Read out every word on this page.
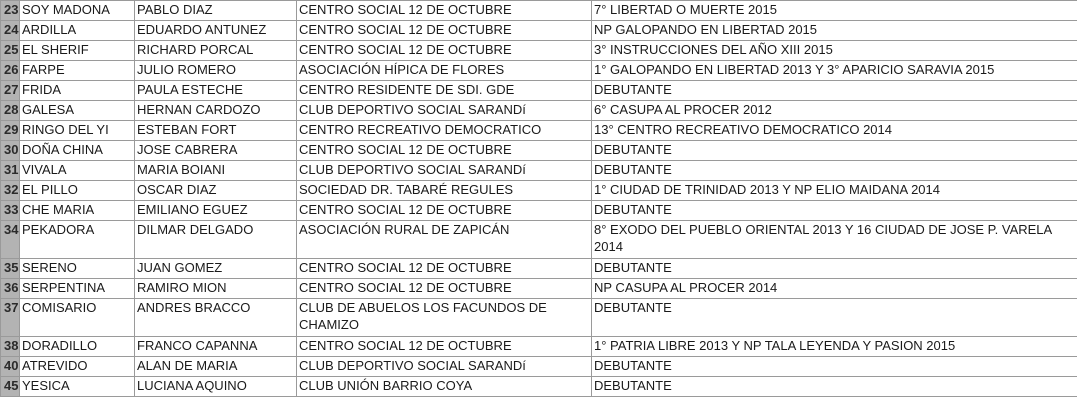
23	SOY MADONA	PABLO DIAZ	CENTRO SOCIAL 12 DE OCTUBRE	7° LIBERTAD O MUERTE 2015
24	ARDILLA	EDUARDO ANTUNEZ	CENTRO SOCIAL 12 DE OCTUBRE	NP GALOPANDO EN LIBERTAD 2015
25	EL SHERIF	RICHARD PORCAL	CENTRO SOCIAL 12 DE OCTUBRE	3° INSTRUCCIONES DEL AÑO XIII 2015
26	FARPE	JULIO ROMERO	ASOCIACIÓN HÍPICA DE FLORES	1° GALOPANDO EN LIBERTAD 2013 Y 3° APARICIO SARAVIA 2015
27	FRIDA	PAULA ESTECHE	CENTRO RESIDENTE DE SDI. GDE	DEBUTANTE
28	GALESA	HERNAN CARDOZO	CLUB DEPORTIVO SOCIAL SARANDí	6° CASUPA AL PROCER 2012
29	RINGO DEL YI	ESTEBAN FORT	CENTRO RECREATIVO DEMOCRATICO	13° CENTRO RECREATIVO DEMOCRATICO 2014
30	DOÑA CHINA	JOSE CABRERA	CENTRO SOCIAL 12 DE OCTUBRE	DEBUTANTE
31	VIVALA	MARIA BOIANI	CLUB DEPORTIVO SOCIAL SARANDí	DEBUTANTE
32	EL PILLO	OSCAR DIAZ	SOCIEDAD DR. TABARÉ REGULES	1° CIUDAD DE TRINIDAD 2013 Y NP ELIO MAIDANA 2014
33	CHE MARIA	EMILIANO EGUEZ	CENTRO SOCIAL 12 DE OCTUBRE	DEBUTANTE
34	PEKADORA	DILMAR DELGADO	ASOCIACIÓN RURAL DE ZAPICÁN	8° EXODO DEL PUEBLO ORIENTAL 2013 Y 16 CIUDAD DE JOSE P. VARELA 2014
35	SERENO	JUAN GOMEZ	CENTRO SOCIAL 12 DE OCTUBRE	DEBUTANTE
36	SERPENTINA	RAMIRO MION	CENTRO SOCIAL 12 DE OCTUBRE	NP CASUPA AL PROCER 2014
37	COMISARIO	ANDRES BRACCO	CLUB DE ABUELOS LOS FACUNDOS DE CHAMIZO	DEBUTANTE
38	DORADILLO	FRANCO CAPANNA	CENTRO SOCIAL 12 DE OCTUBRE	1° PATRIA LIBRE 2013 Y NP TALA LEYENDA Y PASION 2015
40	ATREVIDO	ALAN DE MARIA	CLUB DEPORTIVO SOCIAL SARANDí	DEBUTANTE
45	YESICA	LUCIANA AQUINO	CLUB UNIÓN BARRIO COYA	DEBUTANTE
